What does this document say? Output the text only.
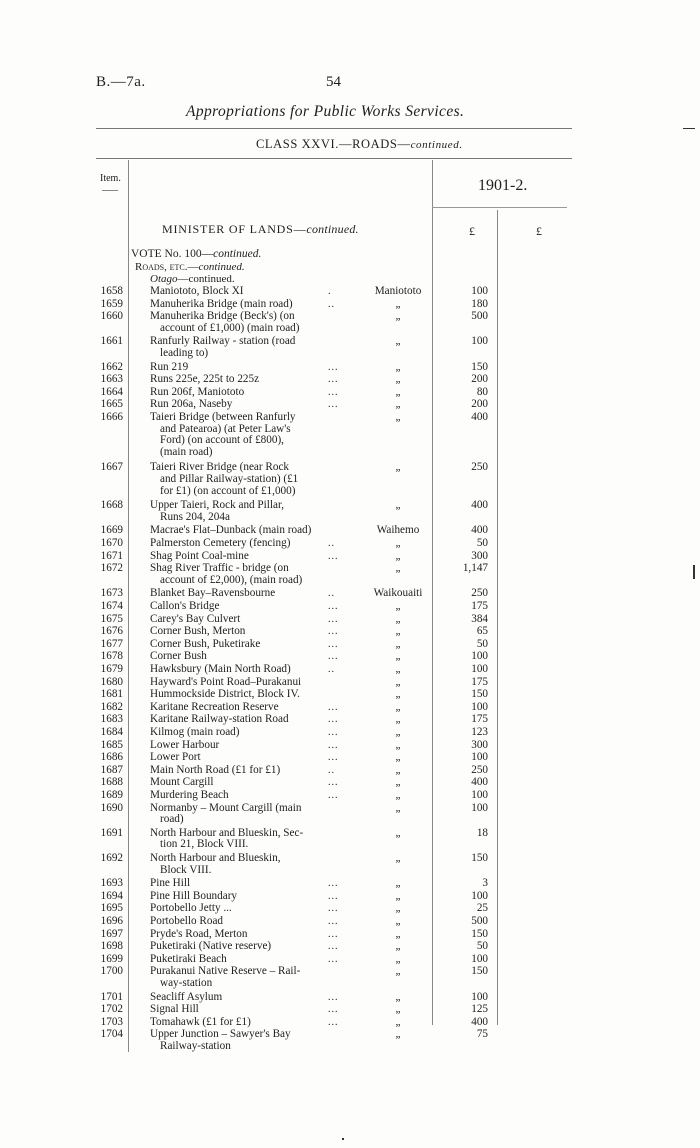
B.—7a.	54
Appropriations for Public Works Services.
CLASS XXVI.—ROADS—continued.
Item.	1901-2.
£	£
MINISTER OF LANDS—continued.
VOTE No. 100—continued.
Roads, etc.—continued.
Otago—continued.
1658 Maniototo, Block XI	.	Maniototo	100
1659 Manuherika Bridge (main road)	..	„	180
1660 Manuherika Bridge (Beck's) (on
account of £1,000) (main road)
„	500
1661 Ranfurly Railway - station (road
leading to)
„	100
1662 Run 219	...	„	150
1663 Runs 225e, 225t to 225z	...	„	200
1664 Run 206f, Maniototo	...	„	80
1665 Run 206a, Naseby	...	„	200
1666 Taieri Bridge (between Ranfurly
and Patearoa) (at Peter Law's
Ford) (on account of £800),
(main road)
„	400
1667 Taieri River Bridge (near Rock
and Pillar Railway-station) (£1
for £1) (on account of £1,000)
„	250
1668 Upper Taieri, Rock and Pillar,
Runs 204, 204a
„	400
1669 Macrae's Flat–Dunback (main road)	Waihemo	400
1670 Palmerston Cemetery (fencing)	..	„	50
1671 Shag Point Coal-mine	...	„	300
1672 Shag River Traffic - bridge (on
account of £2,000), (main road)
„	1,147
1673 Blanket Bay–Ravensbourne	..	Waikouaiti	250
1674 Callon's Bridge	...	„	175
1675 Carey's Bay Culvert	...	„	384
1676 Corner Bush, Merton	...	„	65
1677 Corner Bush, Puketirake	...	„	50
1678 Corner Bush	...	„	100
1679 Hawksbury (Main North Road)	..	„	100
1680 Hayward's Point Road–Purakanui	„	175
1681 Hummockside District, Block IV.	„	150
1682 Karitane Recreation Reserve	...	„	100
1683 Karitane Railway-station Road	...	„	175
1684 Kilmog (main road)	...	„	123
1685 Lower Harbour	...	„	300
1686 Lower Port	...	„	100
1687 Main North Road (£1 for £1)	..	„	250
1688 Mount Cargill	...	„	400
1689 Murdering Beach	...	„	100
1690 Normanby – Mount Cargill (main
road)
„	100
1691 North Harbour and Blueskin, Sec-
tion 21, Block VIII.
„	18
1692 North Harbour and Blueskin,
Block VIII.
„	150
1693 Pine Hill	...	„	3
1694 Pine Hill Boundary	...	„	100
1695 Portobello Jetty ...	...	„	25
1696 Portobello Road	...	„	500
1697 Pryde's Road, Merton	...	„	150
1698 Puketiraki (Native reserve)	...	„	50
1699 Puketiraki Beach	...	„	100
1700 Purakanui Native Reserve – Rail-
way-station
„	150
1701 Seacliff Asylum	...	„	100
1702 Signal Hill	...	„	125
1703 Tomahawk (£1 for £1)	...	„	400
1704 Upper Junction – Sawyer's Bay
Railway-station
„	75
